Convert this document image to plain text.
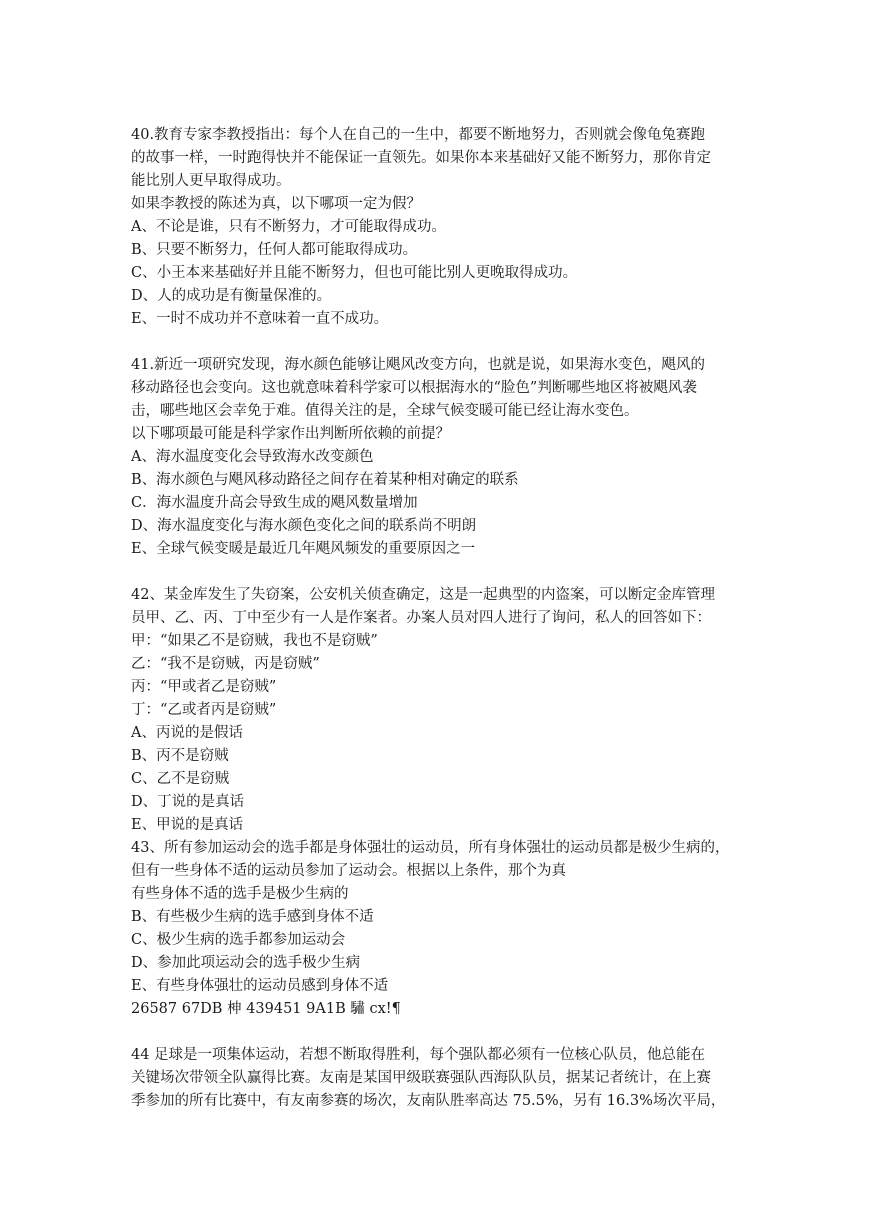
40.教育专家李教授指出：每个人在自己的一生中，都要不断地努力，否则就会像龟兔赛跑
的故事一样，一时跑得快并不能保证一直领先。如果你本来基础好又能不断努力，那你肯定
能比别人更早取得成功。
如果李教授的陈述为真，以下哪项一定为假？
A、不论是谁，只有不断努力，才可能取得成功。
B、只要不断努力，任何人都可能取得成功。
C、小王本来基础好并且能不断努力，但也可能比别人更晚取得成功。
D、人的成功是有衡量保准的。
E、一时不成功并不意味着一直不成功。
41.新近一项研究发现，海水颜色能够让飓风改变方向，也就是说，如果海水变色，飓风的
移动路径也会变向。这也就意味着科学家可以根据海水的“脸色”判断哪些地区将被飓风袭
击，哪些地区会幸免于难。值得关注的是，全球气候变暖可能已经让海水变色。
以下哪项最可能是科学家作出判断所依赖的前提？
A、海水温度变化会导致海水改变颜色
B、海水颜色与飓风移动路径之间存在着某种相对确定的联系
C．海水温度升高会导致生成的飓风数量增加
D、海水温度变化与海水颜色变化之间的联系尚不明朗
E、全球气候变暖是最近几年飓风频发的重要原因之一
42、某金库发生了失窃案，公安机关侦查确定，这是一起典型的内盗案，可以断定金库管理
员甲、乙、丙、丁中至少有一人是作案者。办案人员对四人进行了询问，私人的回答如下：
甲：“如果乙不是窃贼，我也不是窃贼”
乙：“我不是窃贼，丙是窃贼”
丙：“甲或者乙是窃贼”
丁：“乙或者丙是窃贼”
A、丙说的是假话
B、丙不是窃贼
C、乙不是窃贼
D、丁说的是真话
E、甲说的是真话
43、所有参加运动会的选手都是身体强壮的运动员，所有身体强壮的运动员都是极少生病的，
但有一些身体不适的运动员参加了运动会。根据以上条件，那个为真
有些身体不适的选手是极少生病的
B、有些极少生病的选手感到身体不适
C、极少生病的选手都参加运动会
D、参加此项运动会的选手极少生病
E、有些身体强壮的运动员感到身体不适
26587 67DB 柛 439451 9A1B 驌 cx!¶
44 足球是一项集体运动，若想不断取得胜利，每个强队都必须有一位核心队员，他总能在
关键场次带领全队赢得比赛。友南是某国甲级联赛强队西海队队员，据某记者统计，在上赛
季参加的所有比赛中，有友南参赛的场次，友南队胜率高达 75.5%，另有 16.3%场次平局，
